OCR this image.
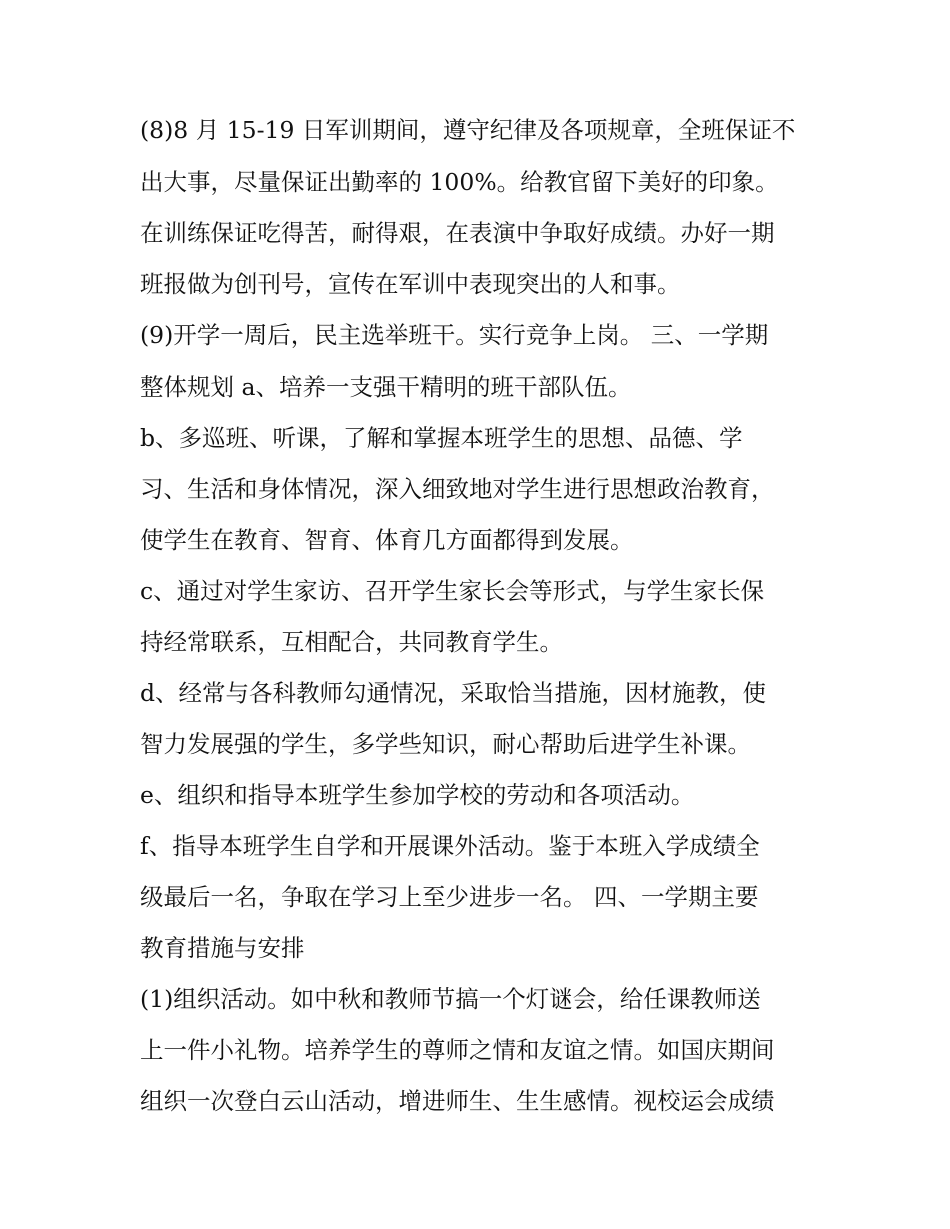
(8)8 月 15-19 日军训期间，遵守纪律及各项规章，全班保证不

出大事，尽量保证出勤率的 100%。给教官留下美好的印象。

在训练保证吃得苦，耐得艰，在表演中争取好成绩。办好一期

班报做为创刊号，宣传在军训中表现突出的人和事。

(9)开学一周后，民主选举班干。实行竞争上岗。 三、一学期

整体规划 a、培养一支强干精明的班干部队伍。

b、多巡班、听课，了解和掌握本班学生的思想、品德、学

习、生活和身体情况，深入细致地对学生进行思想政治教育，

使学生在教育、智育、体育几方面都得到发展。

c、通过对学生家访、召开学生家长会等形式，与学生家长保

持经常联系，互相配合，共同教育学生。

d、经常与各科教师勾通情况，采取恰当措施，因材施教，使

智力发展强的学生，多学些知识，耐心帮助后进学生补课。

e、组织和指导本班学生参加学校的劳动和各项活动。

f、指导本班学生自学和开展课外活动。鉴于本班入学成绩全

级最后一名，争取在学习上至少进步一名。 四、一学期主要

教育措施与安排

(1)组织活动。如中秋和教师节搞一个灯谜会，给任课教师送

上一件小礼物。培养学生的尊师之情和友谊之情。如国庆期间

组织一次登白云山活动，增进师生、生生感情。视校运会成绩
